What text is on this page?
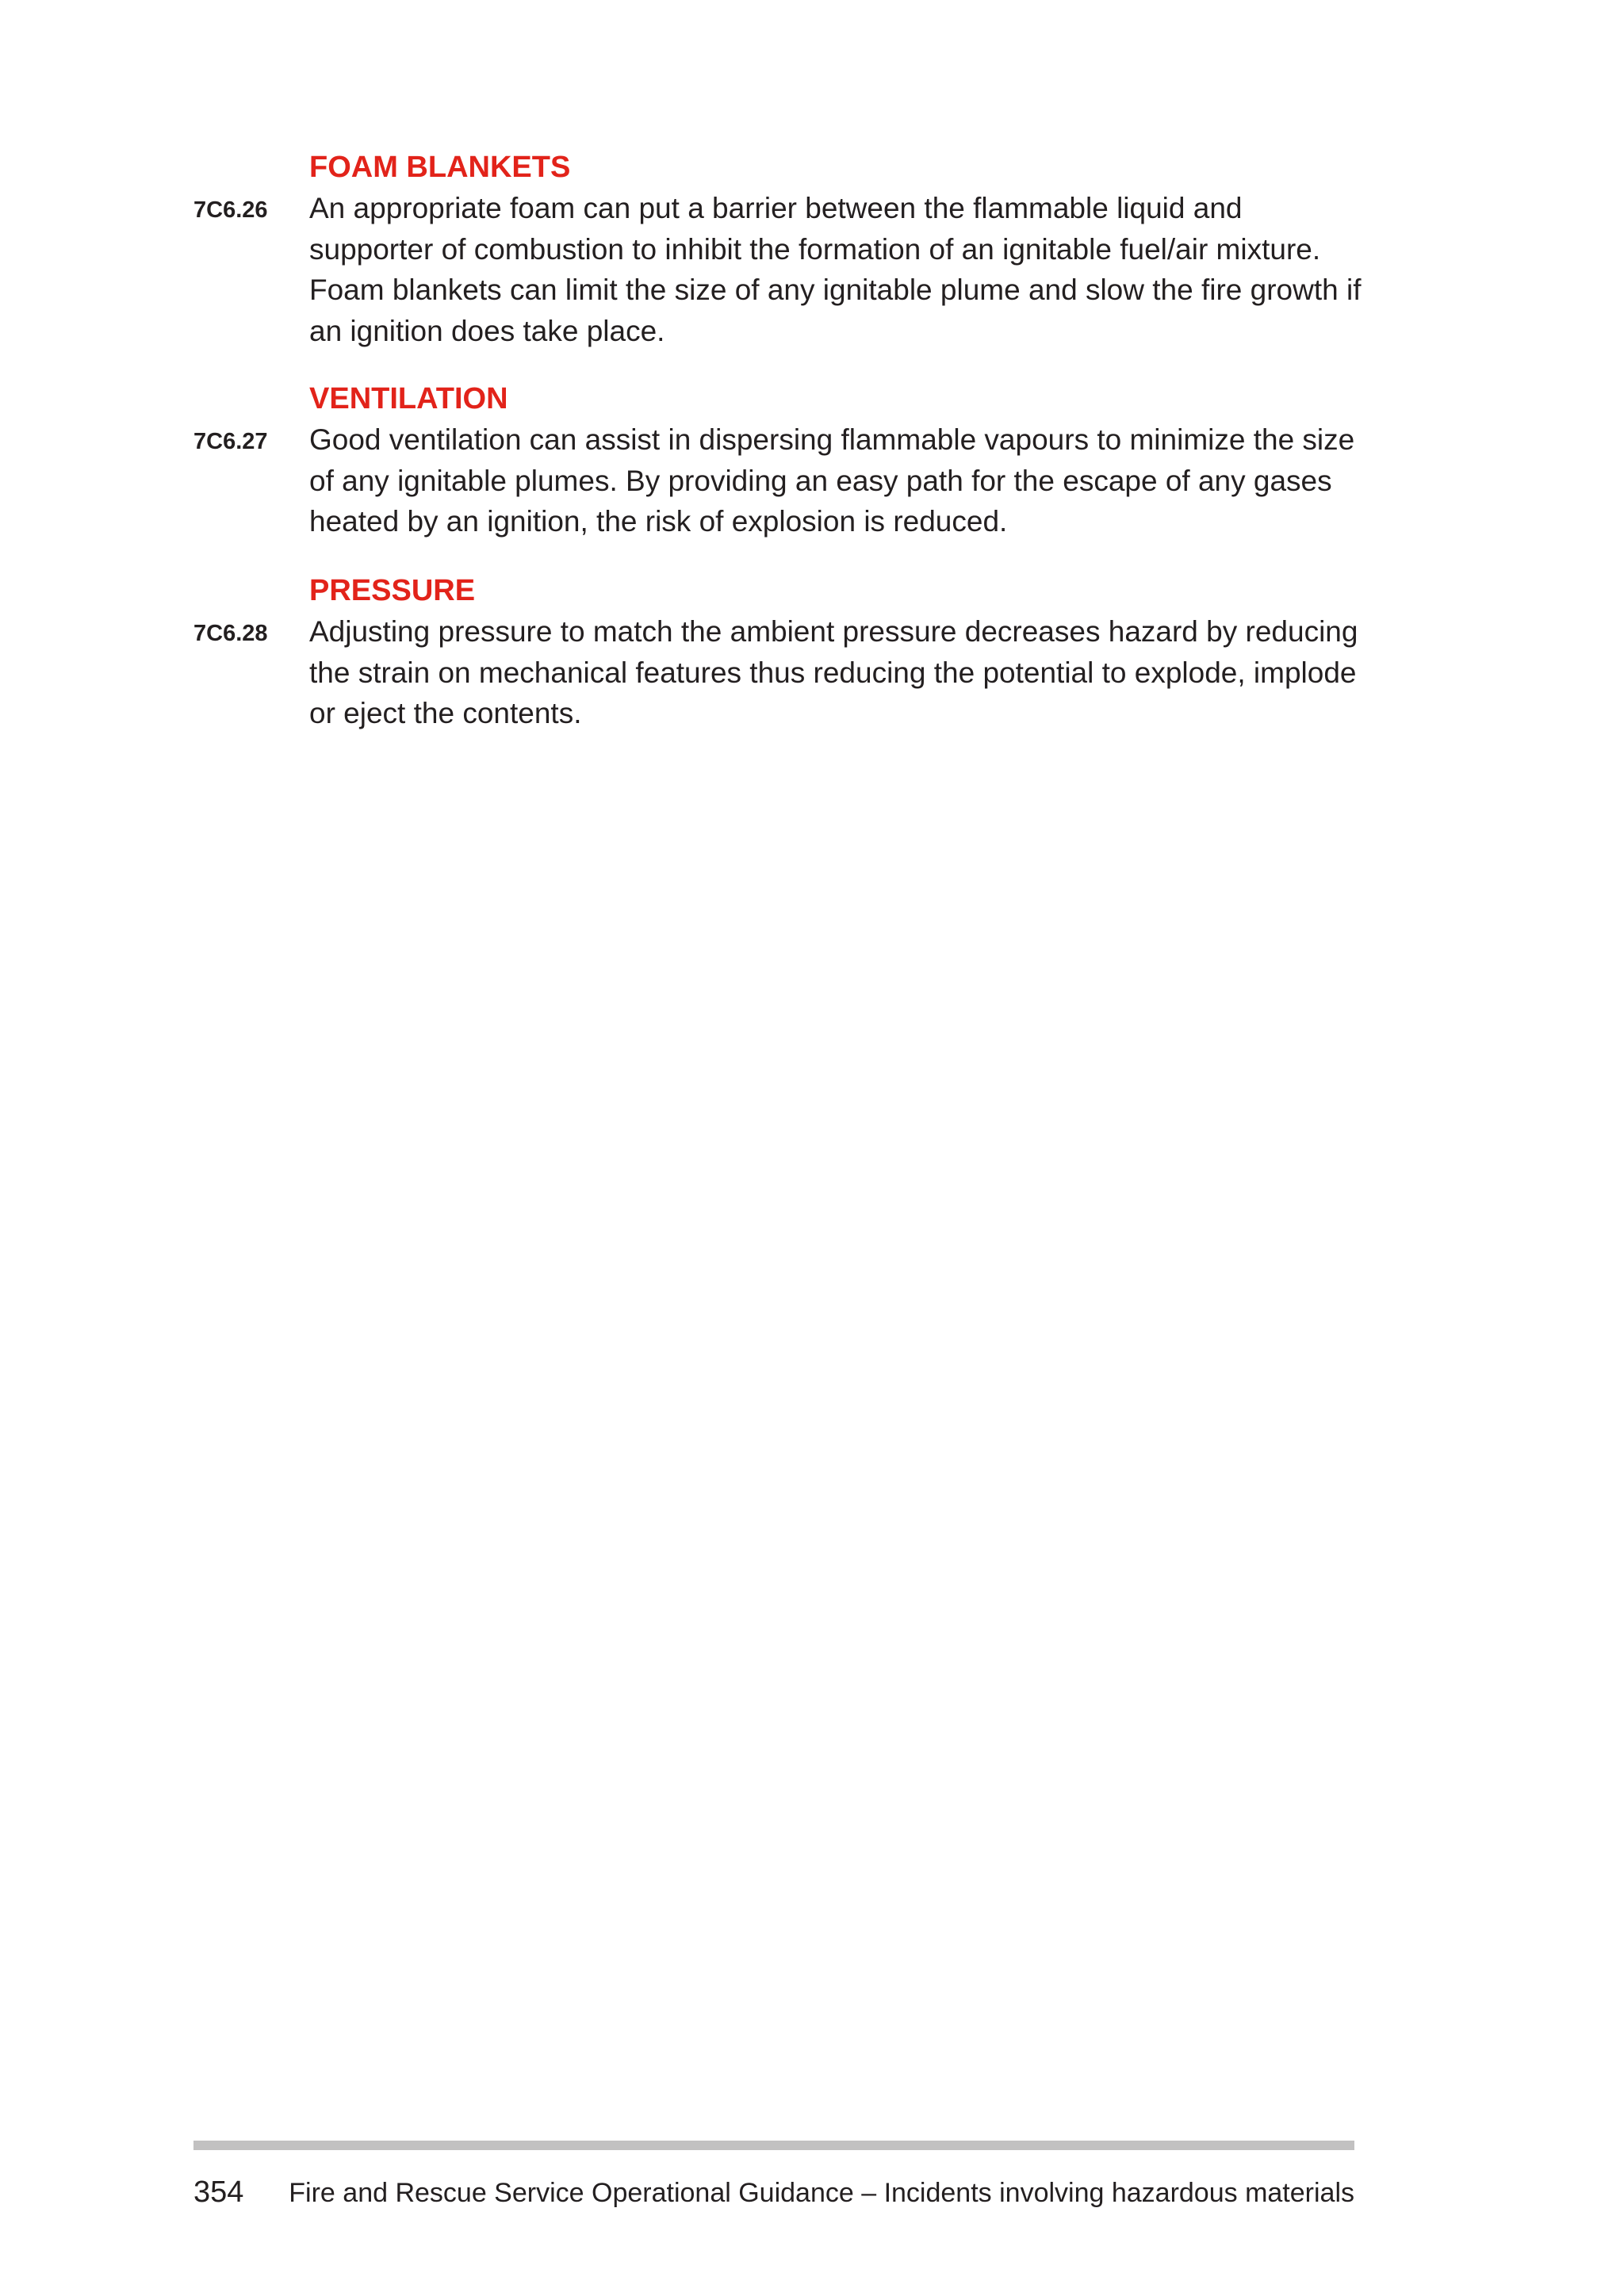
FOAM BLANKETS
7C6.26 An appropriate foam can put a barrier between the flammable liquid and supporter of combustion to inhibit the formation of an ignitable fuel/air mixture. Foam blankets can limit the size of any ignitable plume and slow the fire growth if an ignition does take place.

VENTILATION
7C6.27 Good ventilation can assist in dispersing flammable vapours to minimize the size of any ignitable plumes. By providing an easy path for the escape of any gases heated by an ignition, the risk of explosion is reduced.

PRESSURE
7C6.28 Adjusting pressure to match the ambient pressure decreases hazard by reducing the strain on mechanical features thus reducing the potential to explode, implode or eject the contents.

354 Fire and Rescue Service Operational Guidance – Incidents involving hazardous materials
